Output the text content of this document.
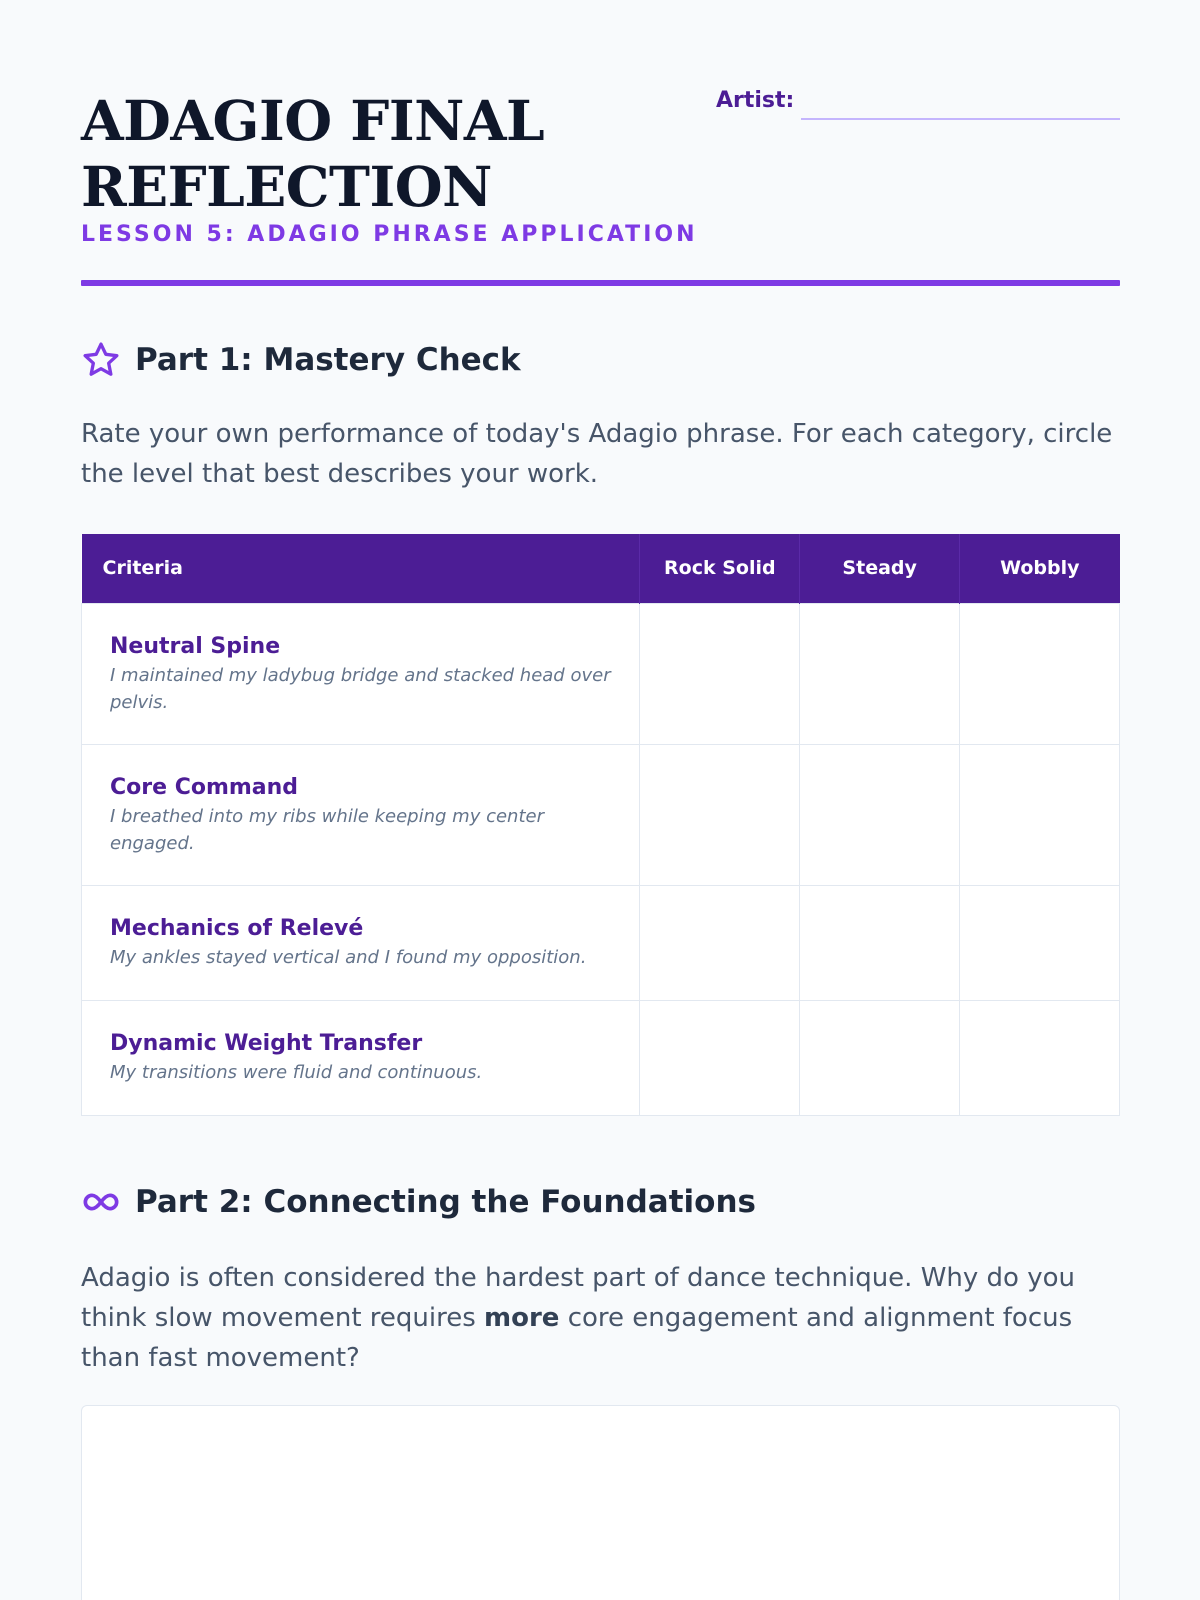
ADAGIO FINAL REFLECTION
LESSON 5: ADAGIO PHRASE APPLICATION
Artist:
Part 1: Mastery Check

Rate your own performance of today's Adagio phrase. For each category, circle the level that best describes your work.

Criteria	Rock Solid	Steady	Wobbly

Neutral Spine
I maintained my ladybug bridge and stacked head over pelvis.			

Core Command
I breathed into my ribs while keeping my center engaged.			

Mechanics of Relevé
My ankles stayed vertical and I found my opposition.			

Dynamic Weight Transfer
My transitions were fluid and continuous.			

Part 2: Connecting the Foundations

Adagio is often considered the hardest part of dance technique. Why do you think slow movement requires more core engagement and alignment focus than fast movement?
